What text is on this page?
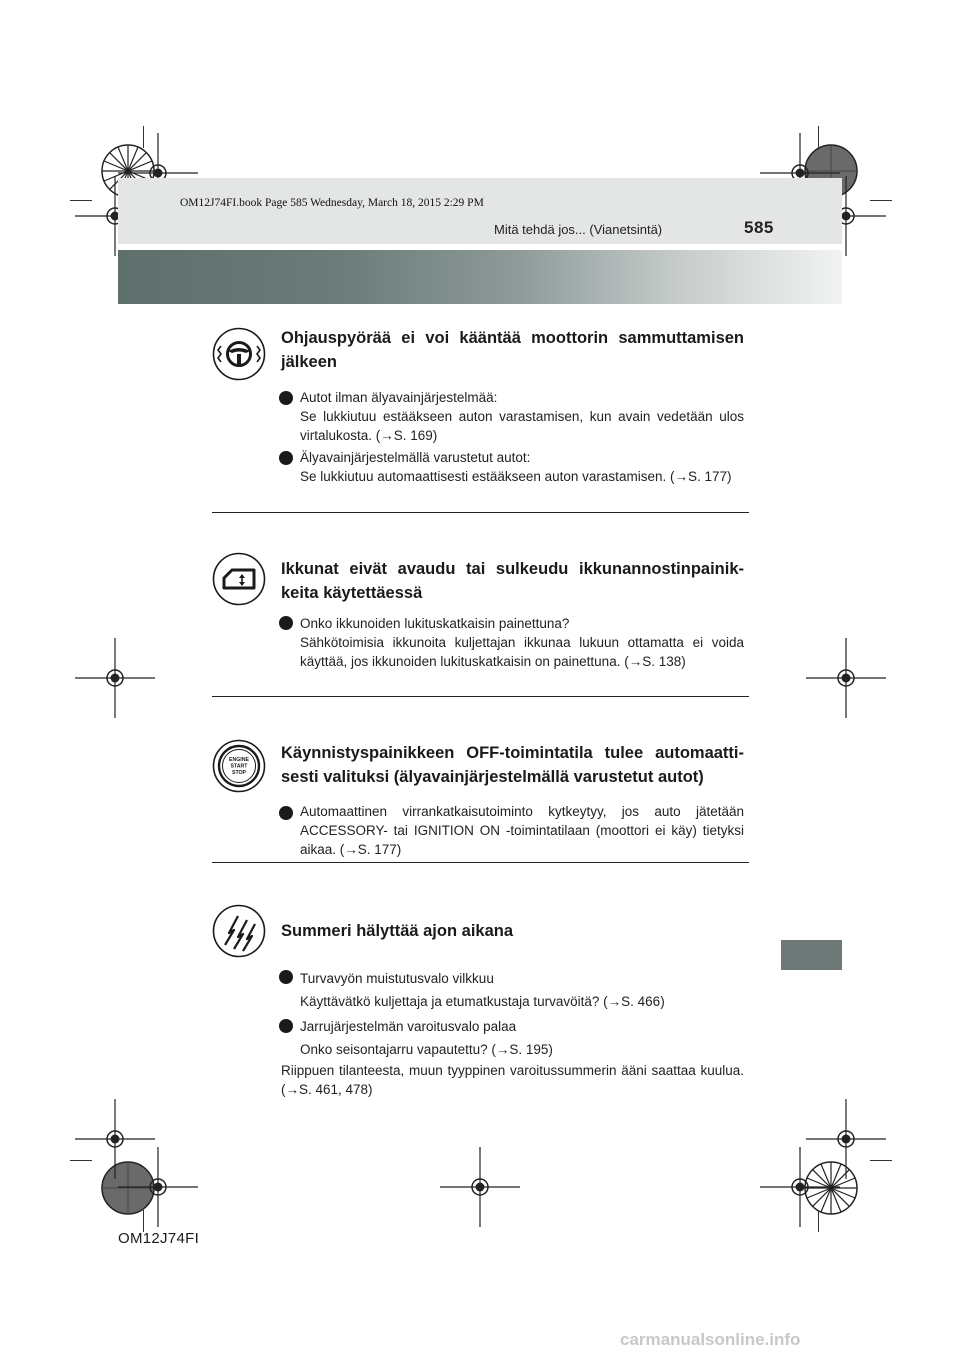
OM12J74FI.book Page 585 Wednesday, March 18, 2015 2:29 PM
Mitä tehdä jos... (Vianetsintä)	585
Ohjauspyörää ei voi kääntää moottorin sammuttamisen jälkeen
Autot ilman älyavainjärjestelmää:
Se lukkiutuu estääkseen auton varastamisen, kun avain vedetään ulos virtalukosta. (→S. 169)
Älyavainjärjestelmällä varustetut autot:
Se lukkiutuu automaattisesti estääkseen auton varastamisen. (→S. 177)
Ikkunat eivät avaudu tai sulkeudu ikkunannostinpainik-keita käytettäessä
Onko ikkunoiden lukituskatkaisin painettuna?
Sähkötoimisia ikkunoita kuljettajan ikkunaa lukuun ottamatta ei voida käyttää, jos ikkunoiden lukituskatkaisin on painettuna. (→S. 138)
ENGINE
START
STOP
Käynnistyspainikkeen OFF-toimintatila tulee automaatti-sesti valituksi (älyavainjärjestelmällä varustetut autot)
Automaattinen virrankatkaisutoiminto kytkeytyy, jos auto jätetään ACCESSORY- tai IGNITION ON -toimintatilaan (moottori ei käy) tietyksi aikaa. (→S. 177)
Summeri hälyttää ajon aikana
Turvavyön muistutusvalo vilkkuu
Käyttävätkö kuljettaja ja etumatkustaja turvavöitä? (→S. 466)
Jarrujärjestelmän varoitusvalo palaa
Onko seisontajarru vapautettu? (→S. 195)
Riippuen tilanteesta, muun tyyppinen varoitussummerin ääni saattaa kuulua. (→S. 461, 478)
OM12J74FI
carmanualsonline.info
